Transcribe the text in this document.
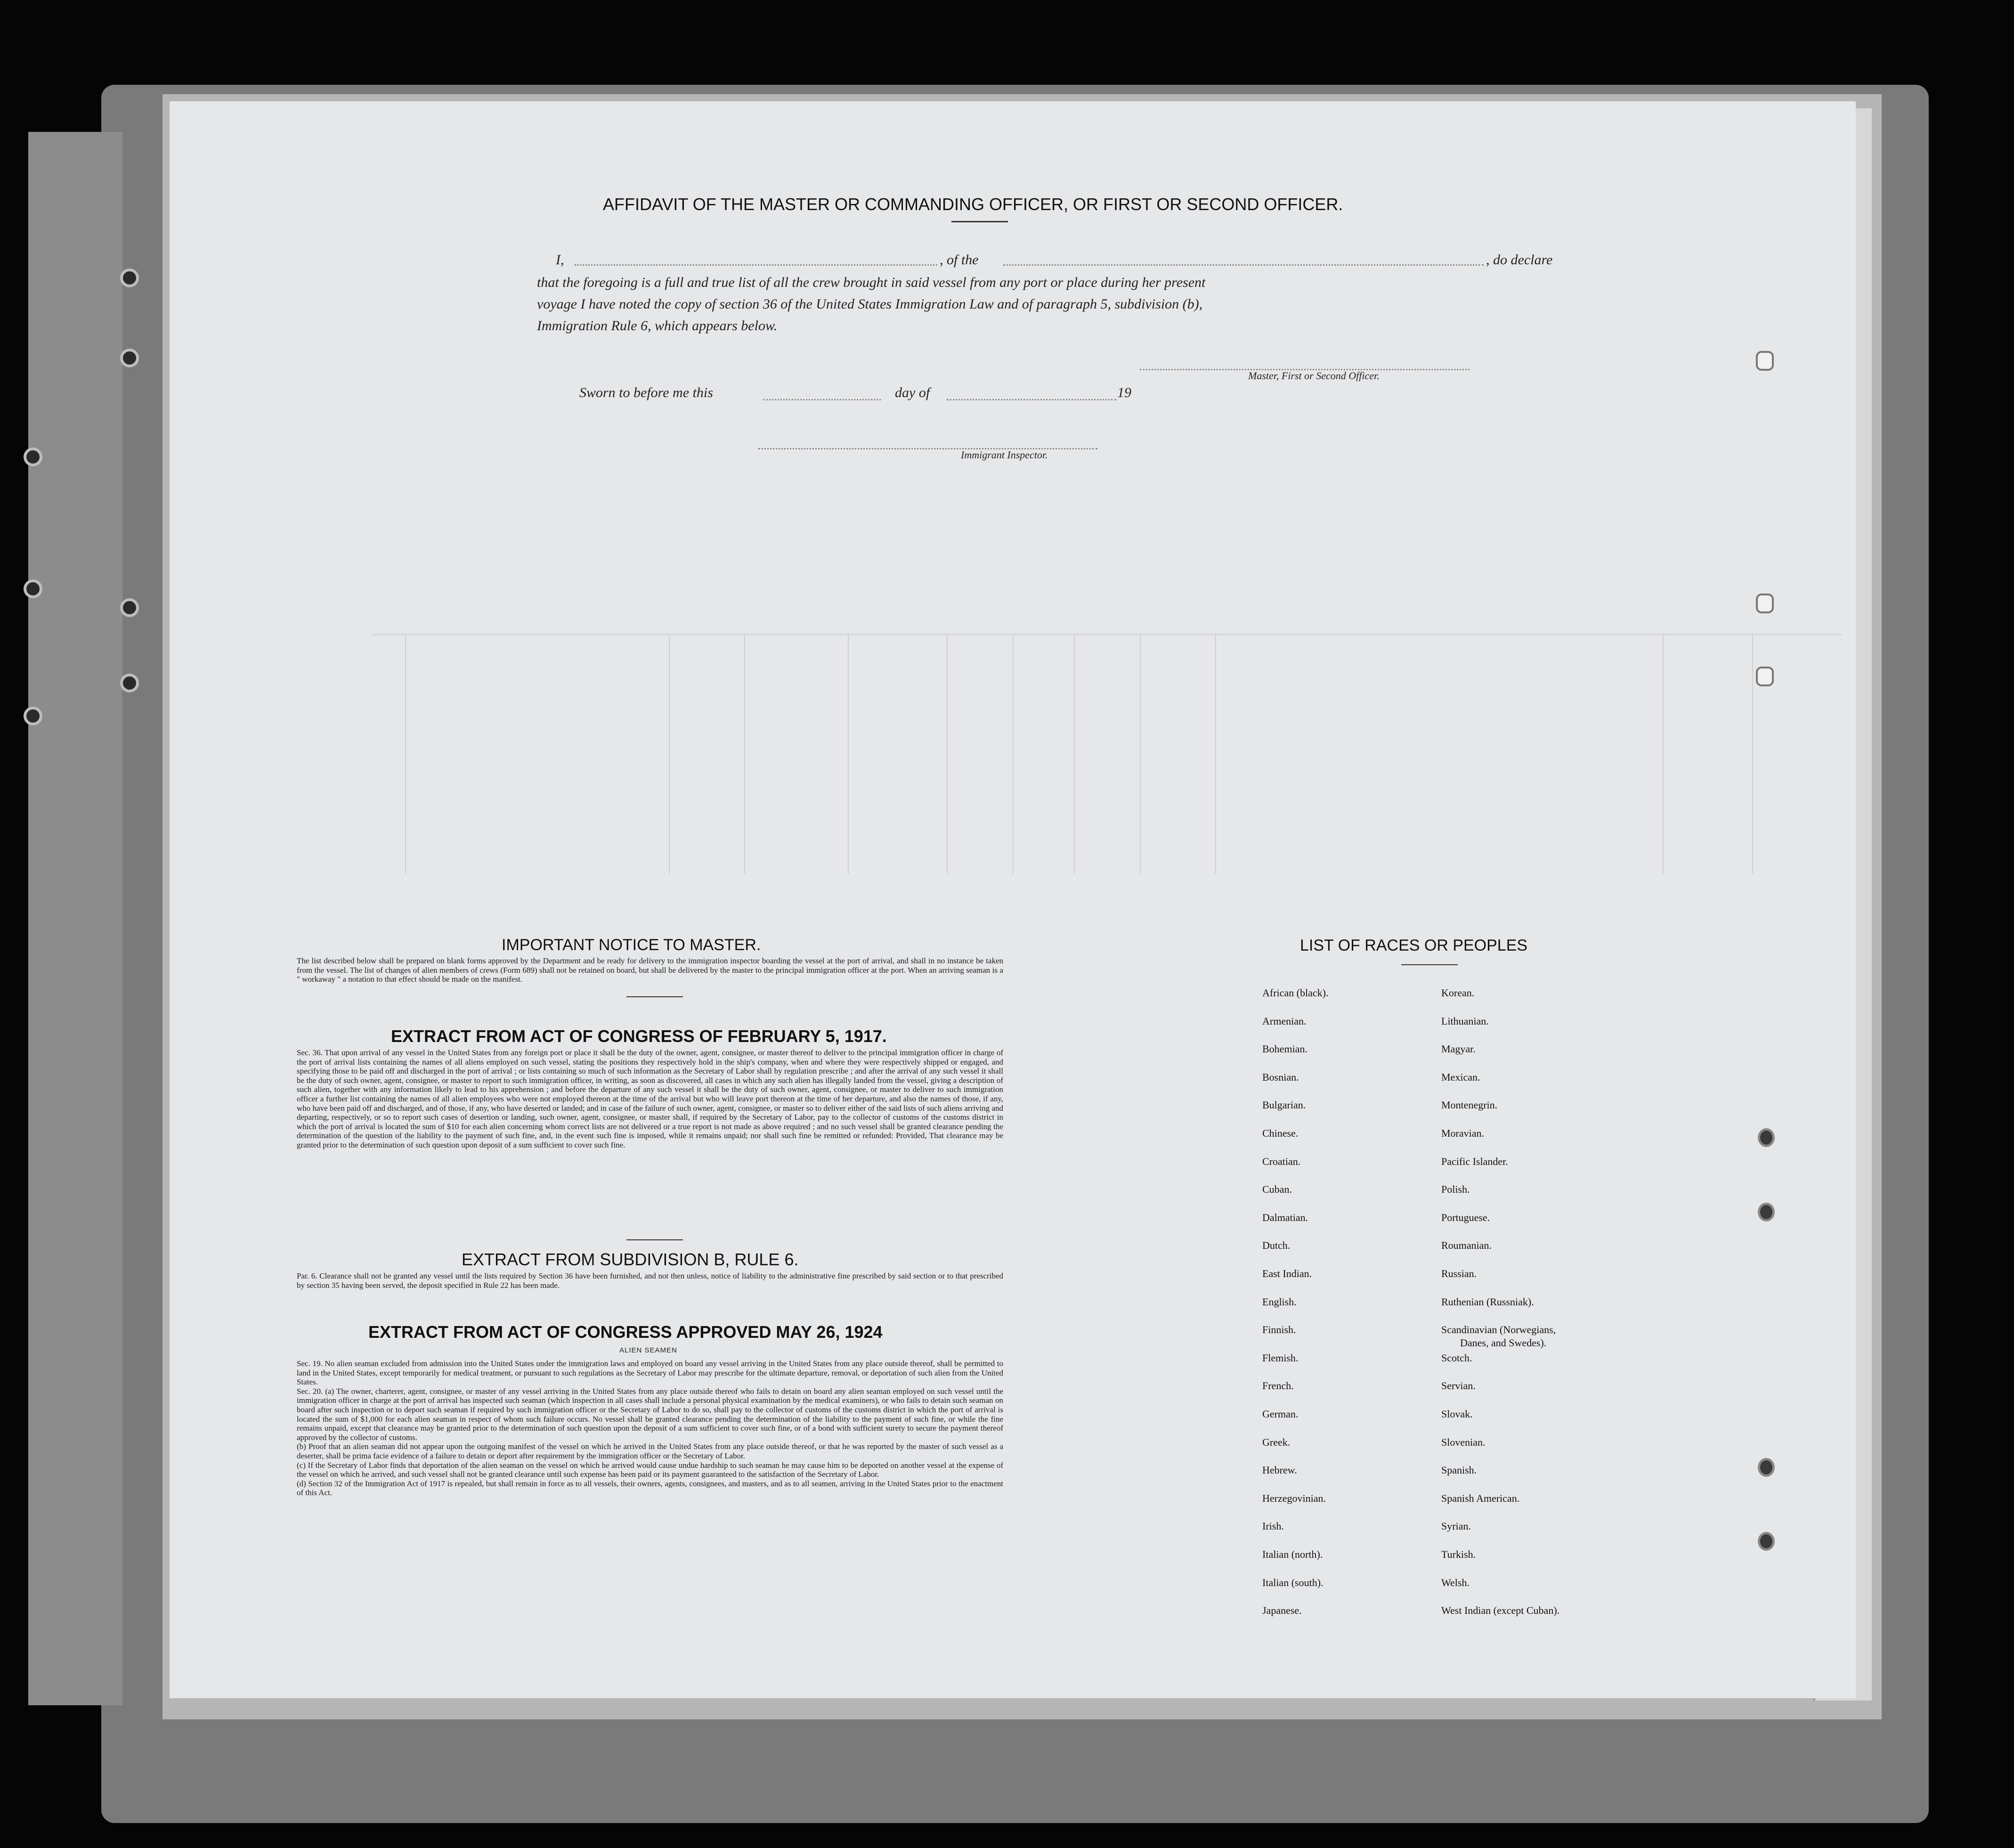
AFFIDAVIT OF THE MASTER OR COMMANDING OFFICER, OR FIRST OR SECOND OFFICER.
I,	, of the	, do declare
that the foregoing is a full and true list of all the crew brought in said vessel from any port or place during her present
voyage I have noted the copy of section 36 of the United States Immigration Law and of paragraph 5, subdivision (b),
Immigration Rule 6, which appears below.
Master, First or Second Officer.
Sworn to before me this	day of	19
Immigrant Inspector.
IMPORTANT NOTICE TO MASTER.
The list described below shall be prepared on blank forms approved by the Department and be ready for delivery to the immigration inspector boarding the vessel at the port of arrival, and shall in no instance be taken from the vessel. The list of changes of alien members of crews (Form 689) shall not be retained on board, but shall be delivered by the master to the principal immigration officer at the port. When an arriving seaman is a " workaway " a notation to that effect should be made on the manifest.
EXTRACT FROM ACT OF CONGRESS OF FEBRUARY 5, 1917.
Sec. 36. That upon arrival of any vessel in the United States from any foreign port or place it shall be the duty of the owner, agent, consignee, or master thereof to deliver to the principal immigration officer in charge of the port of arrival lists containing the names of all aliens employed on such vessel, stating the positions they respectively hold in the ship's company, when and where they were respectively shipped or engaged, and specifying those to be paid off and discharged in the port of arrival ; or lists containing so much of such information as the Secretary of Labor shall by regulation prescribe ; and after the arrival of any such vessel it shall be the duty of such owner, agent, consignee, or master to report to such immigration officer, in writing, as soon as discovered, all cases in which any such alien has illegally landed from the vessel, giving a description of such alien, together with any information likely to lead to his apprehension ; and before the departure of any such vessel it shall be the duty of such owner, agent, consignee, or master to deliver to such immigration officer a further list containing the names of all alien employees who were not employed thereon at the time of the arrival but who will leave port thereon at the time of her departure, and also the names of those, if any, who have been paid off and discharged, and of those, if any, who have deserted or landed; and in case of the failure of such owner, agent, consignee, or master so to deliver either of the said lists of such aliens arriving and departing, respectively, or so to report such cases of desertion or landing, such owner, agent, consignee, or master shall, if required by the Secretary of Labor, pay to the collector of customs of the customs district in which the port of arrival is located the sum of $10 for each alien concerning whom correct lists are not delivered or a true report is not made as above required ; and no such vessel shall be granted clearance pending the determination of the question of the liability to the payment of such fine, and, in the event such fine is imposed, while it remains unpaid; nor shall such fine be remitted or refunded: Provided, That clearance may be granted prior to the determination of such question upon deposit of a sum sufficient to cover such fine.
EXTRACT FROM SUBDIVISION B, RULE 6.
Par. 6. Clearance shall not be granted any vessel until the lists required by Section 36 have been furnished, and not then unless, notice of liability to the administrative fine prescribed by said section or to that prescribed by section 35 having been served, the deposit specified in Rule 22 has been made.
EXTRACT FROM ACT OF CONGRESS APPROVED MAY 26, 1924
ALIEN SEAMEN

Sec. 19. No alien seaman excluded from admission into the United States under the immigration laws and employed on board any vessel arriving in the United States from any place outside thereof, shall be permitted to land in the United States, except temporarily for medical treatment, or pursuant to such regulations as the Secretary of Labor may prescribe for the ultimate departure, removal, or deportation of such alien from the United States.

Sec. 20. (a) The owner, charterer, agent, consignee, or master of any vessel arriving in the United States from any place outside thereof who fails to detain on board any alien seaman employed on such vessel until the immigration officer in charge at the port of arrival has inspected such seaman (which inspection in all cases shall include a personal physical examination by the medical examiners), or who fails to detain such seaman on board after such inspection or to deport such seaman if required by such immigration officer or the Secretary of Labor to do so, shall pay to the collector of customs of the customs district in which the port of arrival is located the sum of $1,000 for each alien seaman in respect of whom such failure occurs. No vessel shall be granted clearance pending the determination of the liability to the payment of such fine, or while the fine remains unpaid, except that clearance may be granted prior to the determination of such question upon the deposit of a sum sufficient to cover such fine, or of a bond with sufficient surety to secure the payment thereof approved by the collector of customs.

(b) Proof that an alien seaman did not appear upon the outgoing manifest of the vessel on which he arrived in the United States from any place outside thereof, or that he was reported by the master of such vessel as a deserter, shall be prima facie evidence of a failure to detain or deport after requirement by the immigration officer or the Secretary of Labor.

(c) If the Secretary of Labor finds that deportation of the alien seaman on the vessel on which he arrived would cause undue hardship to such seaman he may cause him to be deported on another vessel at the expense of the vessel on which he arrived, and such vessel shall not be granted clearance until such expense has been paid or its payment guaranteed to the satisfaction of the Secretary of Labor.

(d) Section 32 of the Immigration Act of 1917 is repealed, but shall remain in force as to all vessels, their owners, agents, consignees, and masters, and as to all seamen, arriving in the United States prior to the enactment of this Act.

LIST OF RACES OR PEOPLES
African (black).
Armenian.
Bohemian.
Bosnian.
Bulgarian.
Chinese.
Croatian.
Cuban.
Dalmatian.
Dutch.
East Indian.
English.
Finnish.
Flemish.
French.
German.
Greek.
Hebrew.
Herzegovinian.
Irish.
Italian (north).
Italian (south).
Japanese.
Korean.
Lithuanian.
Magyar.
Mexican.
Montenegrin.
Moravian.
Pacific Islander.
Polish.
Portuguese.
Roumanian.
Russian.
Ruthenian (Russniak).
Scandinavian (Norwegians,
Danes, and Swedes).
Scotch.
Servian.
Slovak.
Slovenian.
Spanish.
Spanish American.
Syrian.
Turkish.
Welsh.
West Indian (except Cuban).
